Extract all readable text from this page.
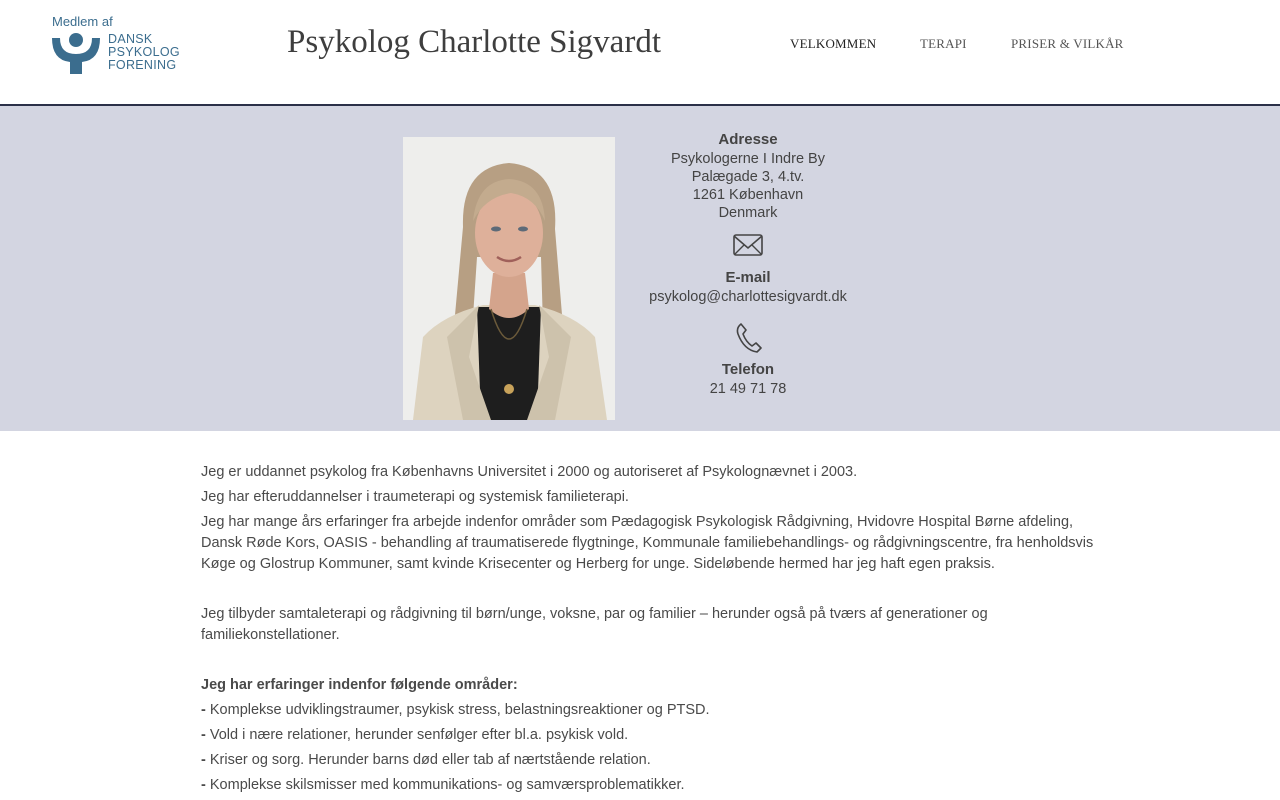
Medlem af
DANSK
PSYKOLOG
FORENING
Psykolog Charlotte Sigvardt	VELKOMMEN	TERAPI	PRISER & VILKÅR
Adresse
Psykologerne I Indre By
Palægade 3, 4.tv.
1261 København
Denmark
E-mail
psykolog@charlottesigvardt.dk
Telefon
21 49 71 78

Jeg er uddannet psykolog fra Københavns Universitet i 2000 og autoriseret af Psykolognævnet i 2003.

Jeg har efteruddannelser i traumeterapi og systemisk familieterapi.

Jeg har mange års erfaringer fra arbejde indenfor områder som Pædagogisk Psykologisk Rådgivning, Hvidovre Hospital Børne afdeling, Dansk Røde Kors, OASIS - behandling af traumatiserede flygtninge, Kommunale familiebehandlings- og rådgivningscentre, fra henholdsvis Køge og Glostrup Kommuner, samt kvinde Krisecenter og Herberg for unge. Sideløbende hermed har jeg haft egen praksis.

Jeg tilbyder samtaleterapi og rådgivning til børn/unge, voksne, par og familier – herunder også på tværs af generationer og familiekonstellationer.

Jeg har erfaringer indenfor følgende områder:

- Komplekse udviklingstraumer, psykisk stress, belastningsreaktioner og PTSD.

- Vold i nære relationer, herunder senfølger efter bl.a. psykisk vold.

- Kriser og sorg. Herunder barns død eller tab af nærtstående relation.

- Komplekse skilsmisser med kommunikations- og samværsproblematikker.
